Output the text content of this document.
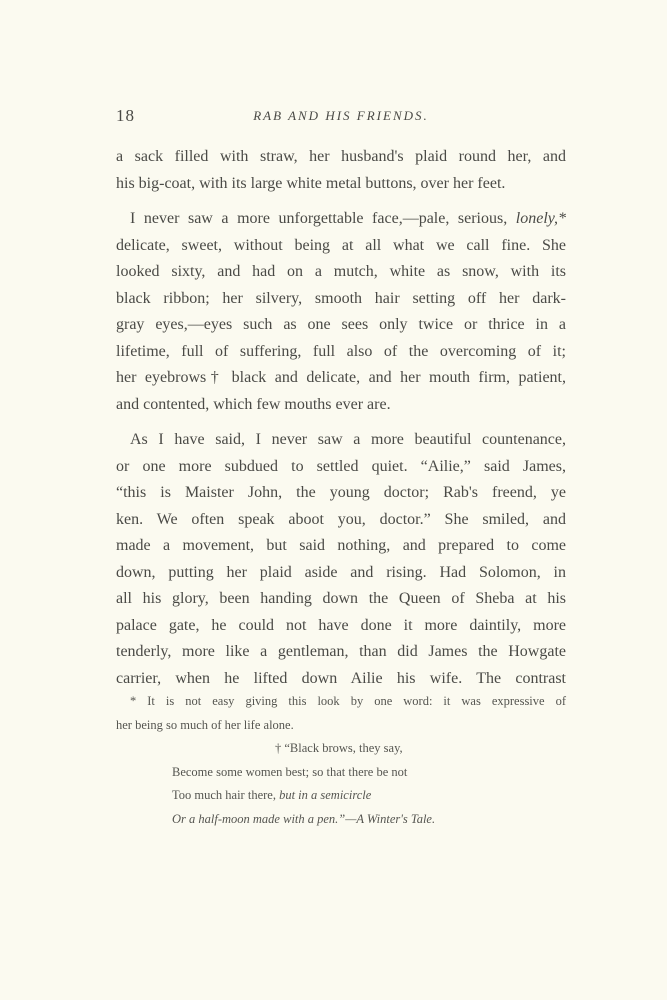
18	RAB AND HIS FRIENDS.
a sack filled with straw, her husband's plaid round her, and
his big-coat, with its large white metal buttons, over her feet.
I never saw a more unforgettable face,—pale, serious, lonely,*
delicate, sweet, without being at all what we call fine. She
looked sixty, and had on a mutch, white as snow, with its
black ribbon; her silvery, smooth hair setting off her dark-
gray eyes,—eyes such as one sees only twice or thrice in a
lifetime, full of suffering, full also of the overcoming of it;
her eyebrows† black and delicate, and her mouth firm, patient,
and contented, which few mouths ever are.
As I have said, I never saw a more beautiful countenance,
or one more subdued to settled quiet. “Ailie,” said James,
“this is Maister John, the young doctor; Rab's freend, ye
ken. We often speak aboot you, doctor.” She smiled, and
made a movement, but said nothing, and prepared to come
down, putting her plaid aside and rising. Had Solomon, in
all his glory, been handing down the Queen of Sheba at his
palace gate, he could not have done it more daintily, more
tenderly, more like a gentleman, than did James the Howgate
carrier, when he lifted down Ailie his wife. The contrast
* It is not easy giving this look by one word: it was expressive of
her being so much of her life alone.
† “Black brows, they say,
Become some women best; so that there be not
Too much hair there, but in a semicircle
Or a half-moon made with a pen.”—A Winter's Tale.
